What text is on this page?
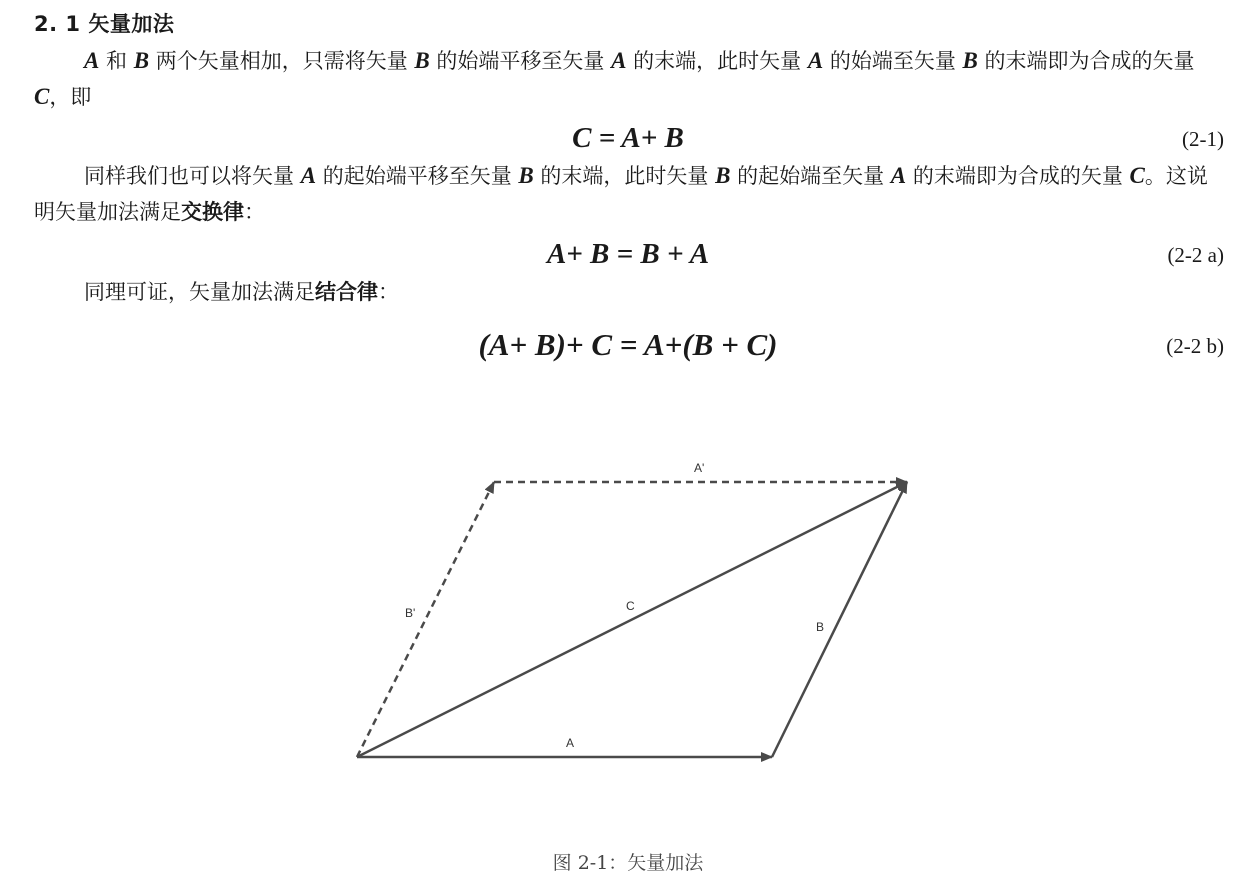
2. 1 矢量加法
A 和 B 两个矢量相加，只需将矢量 B 的始端平移至矢量 A 的末端，此时矢量 A 的始端至矢量 B 的末端即为合成的矢量 C，即
C = A+ B	(2-1)
同样我们也可以将矢量 A 的起始端平移至矢量 B 的末端，此时矢量 B 的起始端至矢量 A 的末端即为合成的矢量 C。这说明矢量加法满足交换律：
A+ B = B + A	(2-2 a)
同理可证，矢量加法满足结合律：
(A+ B)+ C = A+(B + C)	(2-2 b)
A
B
C
A'
B'
图 2-1：矢量加法
